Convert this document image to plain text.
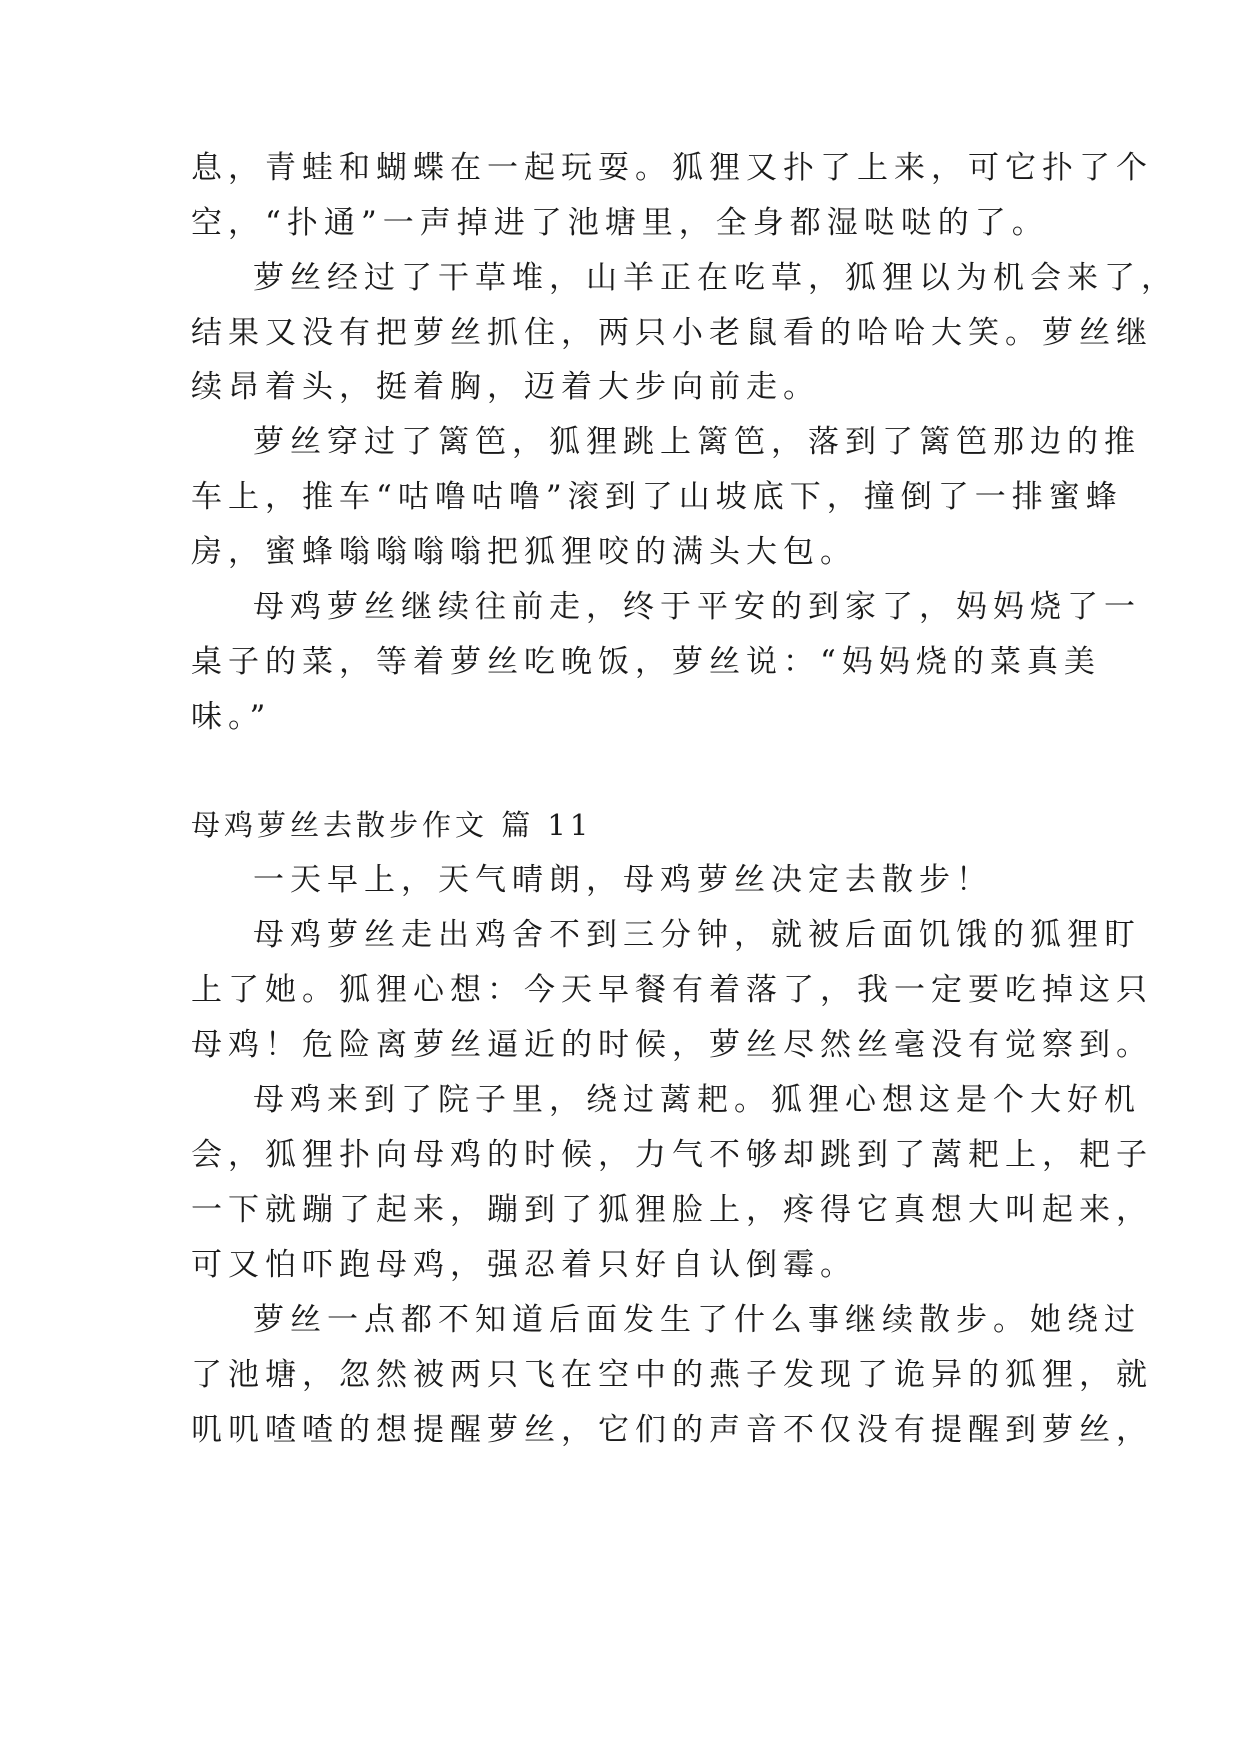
息，青蛙和蝴蝶在一起玩耍。狐狸又扑了上来，可它扑了个
空，“扑通”一声掉进了池塘里，全身都湿哒哒的了。
萝丝经过了干草堆，山羊正在吃草，狐狸以为机会来了，
结果又没有把萝丝抓住，两只小老鼠看的哈哈大笑。萝丝继
续昂着头，挺着胸，迈着大步向前走。
萝丝穿过了篱笆，狐狸跳上篱笆，落到了篱笆那边的推
车上，推车“咕噜咕噜”滚到了山坡底下，撞倒了一排蜜蜂
房，蜜蜂嗡嗡嗡嗡把狐狸咬的满头大包。
母鸡萝丝继续往前走，终于平安的到家了，妈妈烧了一
桌子的菜，等着萝丝吃晚饭，萝丝说：“妈妈烧的菜真美
味。”
母鸡萝丝去散步作文 篇 11
一天早上，天气晴朗，母鸡萝丝决定去散步！
母鸡萝丝走出鸡舍不到三分钟，就被后面饥饿的狐狸盯
上了她。狐狸心想：今天早餐有着落了，我一定要吃掉这只
母鸡！危险离萝丝逼近的时候，萝丝尽然丝毫没有觉察到。
母鸡来到了院子里，绕过蓠耙。狐狸心想这是个大好机
会，狐狸扑向母鸡的时候，力气不够却跳到了蓠耙上，耙子
一下就蹦了起来，蹦到了狐狸脸上，疼得它真想大叫起来，
可又怕吓跑母鸡，强忍着只好自认倒霉。
萝丝一点都不知道后面发生了什么事继续散步。她绕过
了池塘，忽然被两只飞在空中的燕子发现了诡异的狐狸，就
叽叽喳喳的想提醒萝丝，它们的声音不仅没有提醒到萝丝，
